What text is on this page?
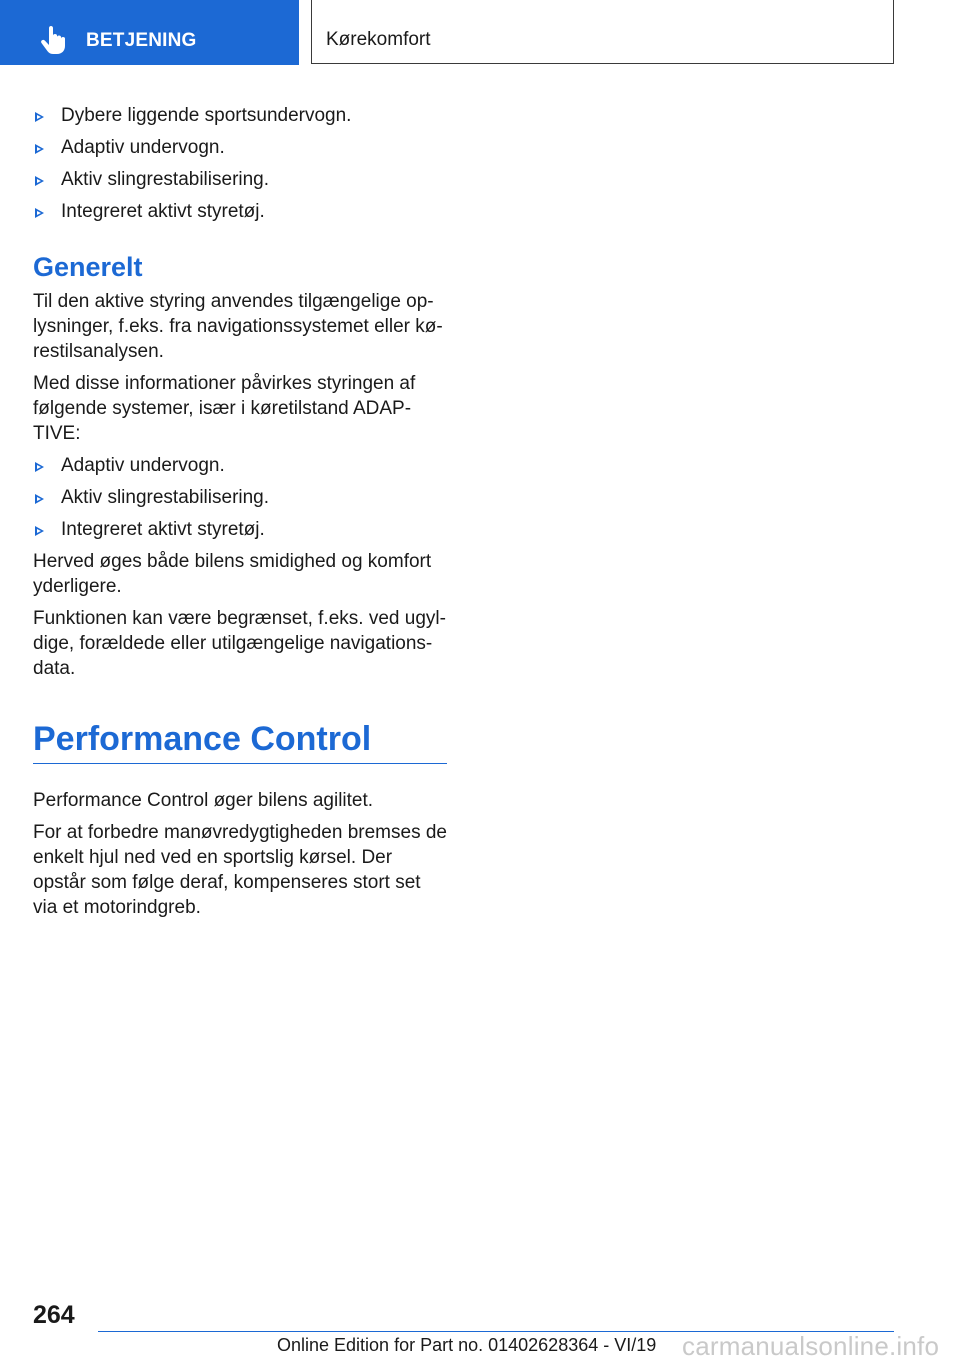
BETJENING	Kørekomfort
Dybere liggende sportsundervogn.
Adaptiv undervogn.
Aktiv slingrestabilisering.
Integreret aktivt styretøj.
Generelt

Til den aktive styring anvendes tilgængelige op-lysninger, f.eks. fra navigationssystemet eller kø-restilsanalysen.

Med disse informationer påvirkes styringen af følgende systemer, især i køretilstand ADAP-TIVE:

Adaptiv undervogn.
Aktiv slingrestabilisering.
Integreret aktivt styretøj.

Herved øges både bilens smidighed og komfort yderligere.

Funktionen kan være begrænset, f.eks. ved ugyl-dige, forældede eller utilgængelige navigations-data.

Performance Control

Performance Control øger bilens agilitet.

For at forbedre manøvredygtigheden bremses de enkelt hjul ned ved en sportslig kørsel. Der opstår som følge deraf, kompenseres stort set via et motorindgreb.

264
Online Edition for Part no. 01402628364 - VI/19 carmanualsonline.info
